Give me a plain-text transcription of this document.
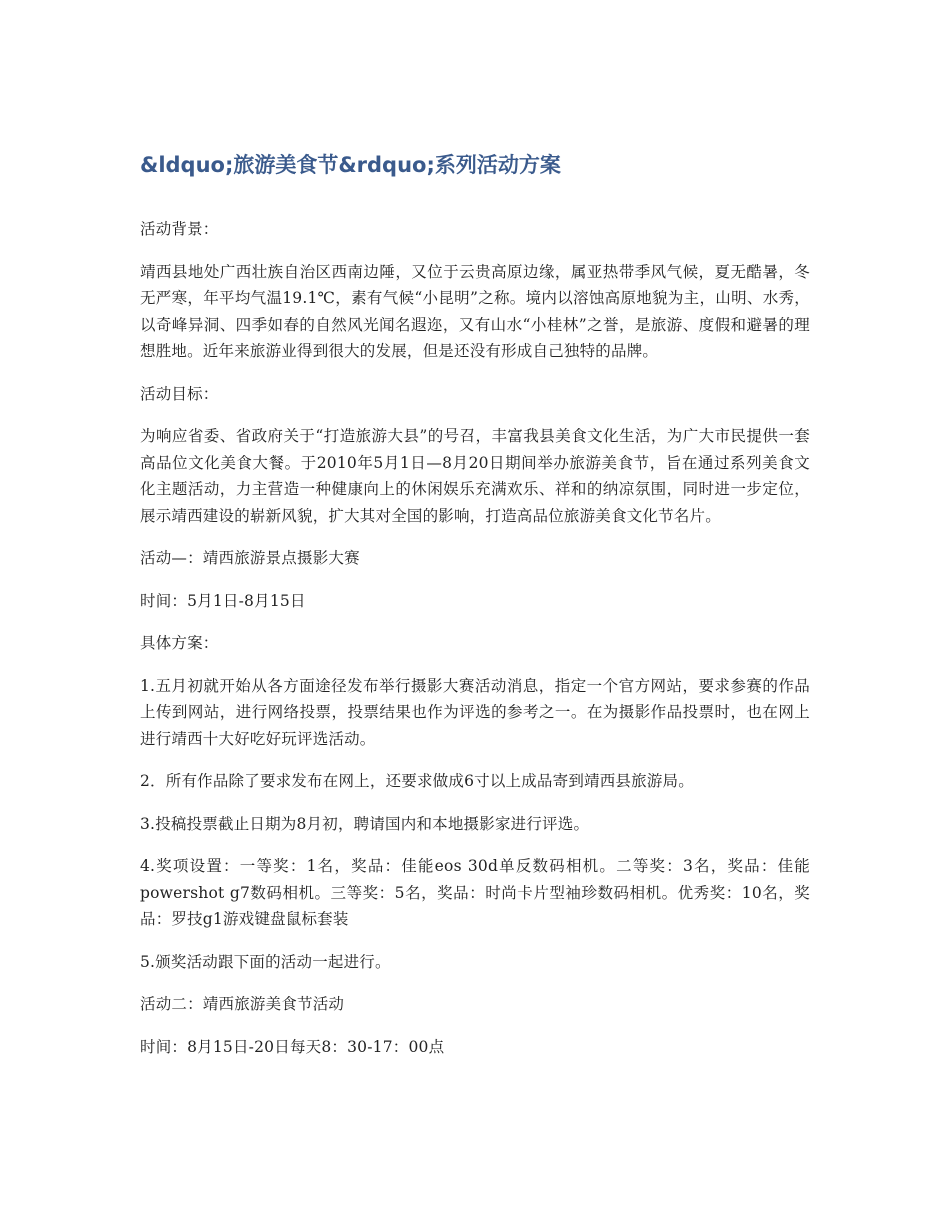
&ldquo;旅游美食节&rdquo;系列活动方案

活动背景：

靖西县地处广西壮族自治区西南边陲，又位于云贵高原边缘，属亚热带季风气候，夏无酷暑，冬无严寒，年平均气温19.1℃，素有气候“小昆明”之称。境内以溶蚀高原地貌为主，山明、水秀，以奇峰异洞、四季如春的自然风光闻名遐迩，又有山水“小桂林”之誉，是旅游、度假和避暑的理想胜地。近年来旅游业得到很大的发展，但是还没有形成自己独特的品牌。

活动目标：

为响应省委、省政府关于“打造旅游大县”的号召，丰富我县美食文化生活，为广大市民提供一套高品位文化美食大餐。于2010年5月1日—8月20日期间举办旅游美食节，旨在通过系列美食文化主题活动，力主营造一种健康向上的休闲娱乐充满欢乐、祥和的纳凉氛围，同时进一步定位，展示靖西建设的崭新风貌，扩大其对全国的影响，打造高品位旅游美食文化节名片。

活动—：靖西旅游景点摄影大赛

时间：5月1日-8月15日

具体方案：

1.五月初就开始从各方面途径发布举行摄影大赛活动消息，指定一个官方网站，要求参赛的作品上传到网站，进行网络投票，投票结果也作为评选的参考之一。在为摄影作品投票时，也在网上进行靖西十大好吃好玩评选活动。

2．所有作品除了要求发布在网上，还要求做成6寸以上成品寄到靖西县旅游局。

3.投稿投票截止日期为8月初，聘请国内和本地摄影家进行评选。

4.奖项设置：一等奖：1名，奖品：佳能eos 30d单反数码相机。二等奖：3名，奖品：佳能powershot g7数码相机。三等奖：5名，奖品：时尚卡片型袖珍数码相机。优秀奖：10名，奖品：罗技g1游戏键盘鼠标套装

5.颁奖活动跟下面的活动一起进行。

活动二：靖西旅游美食节活动

时间：8月15日-20日每天8：30-17：00点
